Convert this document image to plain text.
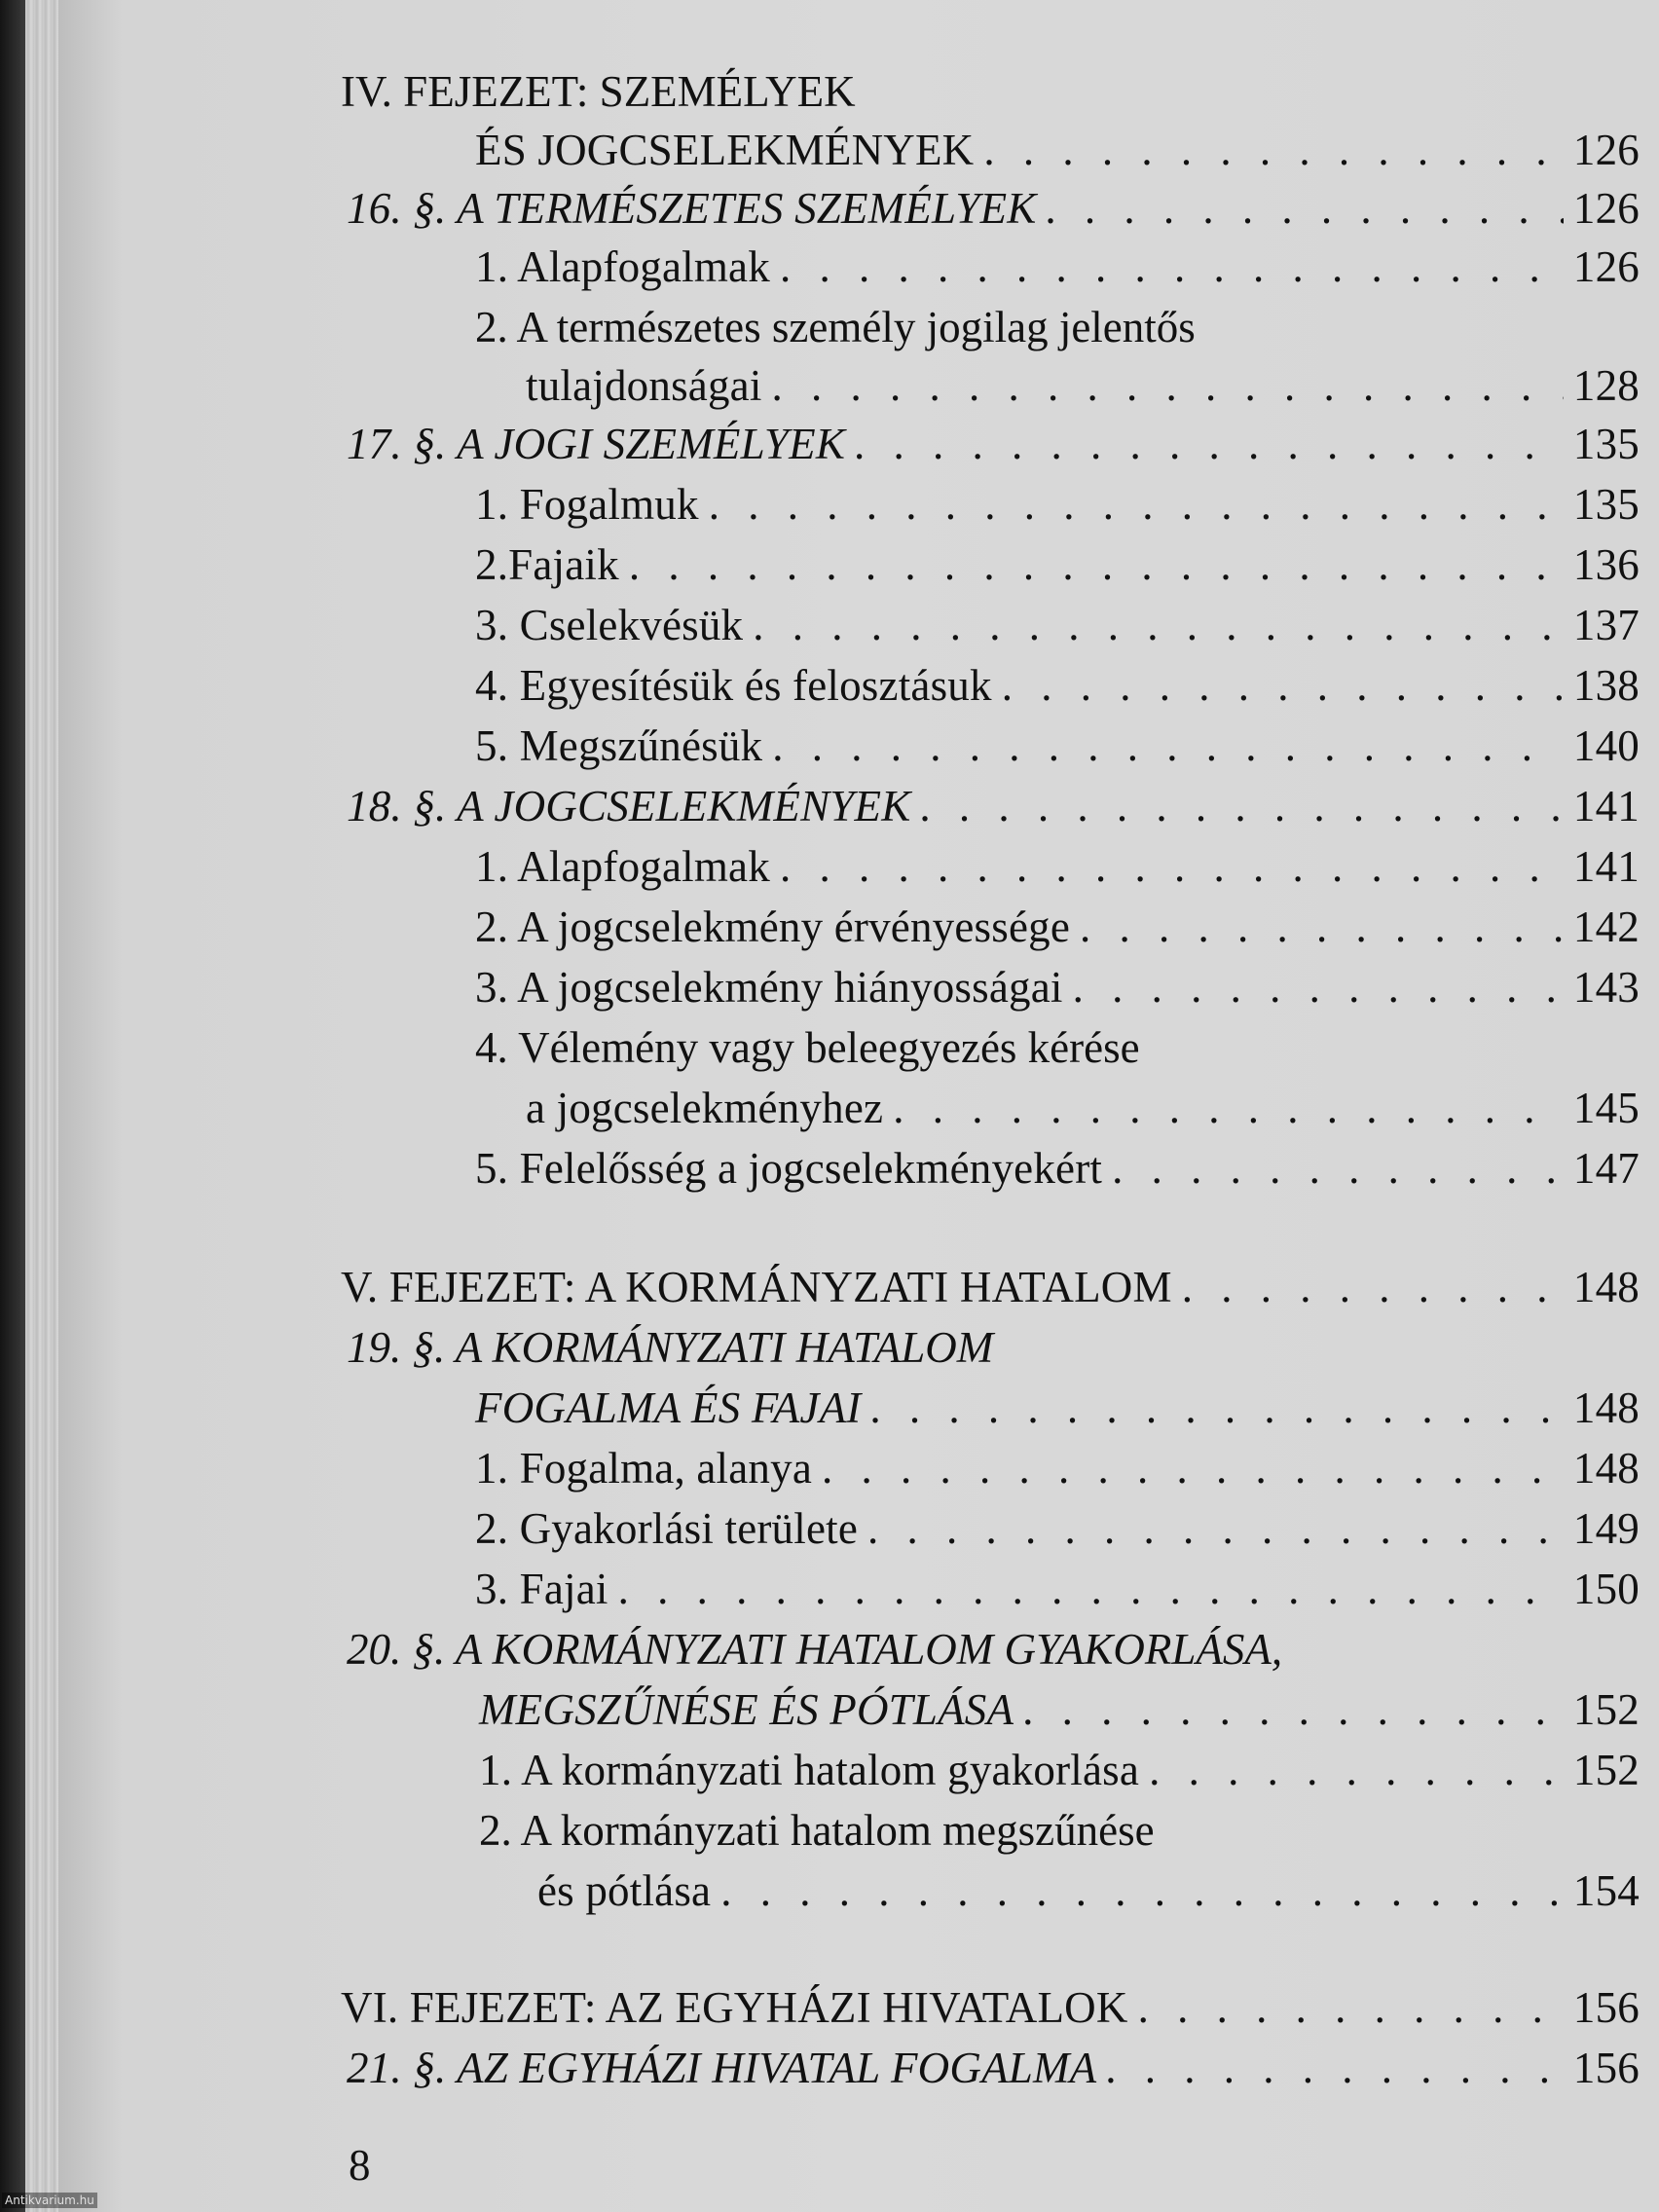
IV. FEJEZET: SZEMÉLYEK
ÉS JOGCSELEKMÉNYEK . . .	126
16. §. A TERMÉSZETES SZEMÉLYEK . . .	126
1. Alapfogalmak . . .	126
2. A természetes személy jogilag jelentős
tulajdonságai . . .	128
17. §. A JOGI SZEMÉLYEK . . .	135
1. Fogalmuk . . .	135
2.Fajaik . . .	136
3. Cselekvésük . . .	137
4. Egyesítésük és felosztásuk . . .	138
5. Megszűnésük . . .	140
18. §. A JOGCSELEKMÉNYEK . . .	141
1. Alapfogalmak . . .	141
2. A jogcselekmény érvényessége . . .	142
3. A jogcselekmény hiányosságai . . .	143
4. Vélemény vagy beleegyezés kérése
a jogcselekményhez . . .	145
5. Felelősség a jogcselekményekért . . .	147
V. FEJEZET: A KORMÁNYZATI HATALOM . . .	148
19. §. A KORMÁNYZATI HATALOM
FOGALMA ÉS FAJAI . . .	148
1. Fogalma, alanya . . .	148
2. Gyakorlási területe . . .	149
3. Fajai . . .	150
20. §. A KORMÁNYZATI HATALOM GYAKORLÁSA,
MEGSZŰNÉSE ÉS PÓTLÁSA . . .	152
1. A kormányzati hatalom gyakorlása . . .	152
2. A kormányzati hatalom megszűnése
és pótlása . . .	154
VI. FEJEZET: AZ EGYHÁZI HIVATALOK . . .	156
21. §. AZ EGYHÁZI HIVATAL FOGALMA . . .	156
8
Antikvarium.hu
